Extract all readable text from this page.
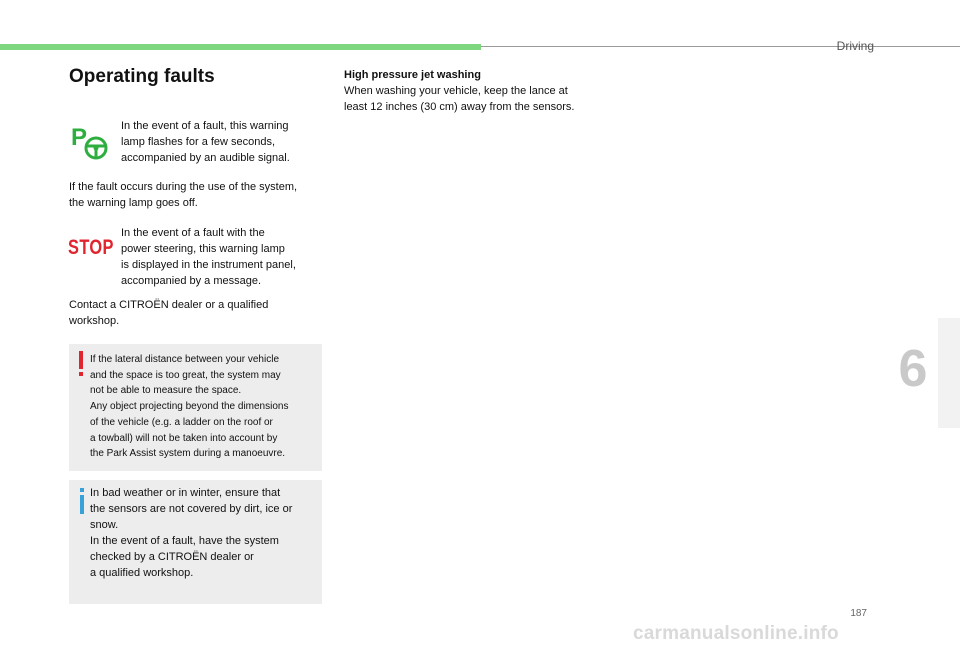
Driving
6
Operating faults
P	In the event of a fault, this warning
lamp flashes for a few seconds,
accompanied by an audible signal.

If the fault occurs during the use of the system,
the warning lamp goes off.

STOP

In the event of a fault with the
power steering, this warning lamp
is displayed in the instrument panel,
accompanied by a message.

Contact a CITROËN dealer or a qualified
workshop.

If the lateral distance between your vehicle
and the space is too great, the system may
not be able to measure the space.
Any object projecting beyond the dimensions
of the vehicle (e.g. a ladder on the roof or
a towball) will not be taken into account by
the Park Assist system during a manoeuvre.

In bad weather or in winter, ensure that
the sensors are not covered by dirt, ice or
snow.
In the event of a fault, have the system
checked by a CITROËN dealer or
a qualified workshop.

High pressure jet washing

When washing your vehicle, keep the lance at
least 12 inches (30 cm) away from the sensors.

187
carmanualsonline.info
